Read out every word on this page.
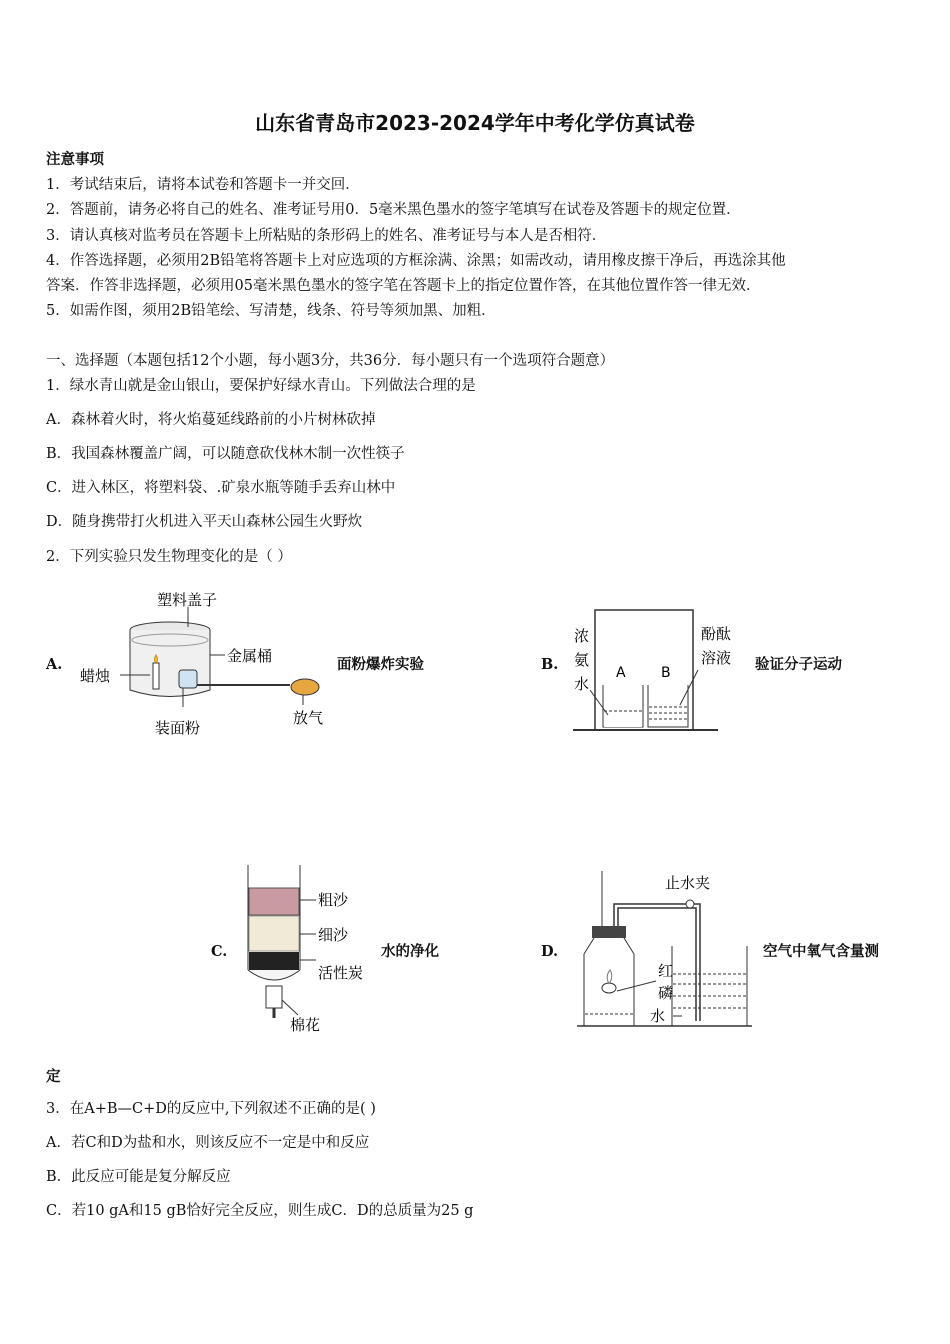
山东省青岛市2023-2024学年中考化学仿真试卷
注意事项
1．考试结束后，请将本试卷和答题卡一并交回．
2．答题前，请务必将自己的姓名、准考证号用0．5毫米黑色墨水的签字笔填写在试卷及答题卡的规定位置．
3．请认真核对监考员在答题卡上所粘贴的条形码上的姓名、准考证号与本人是否相符．
4．作答选择题，必须用2B铅笔将答题卡上对应选项的方框涂满、涂黑；如需改动，请用橡皮擦干净后，再选涂其他
答案．作答非选择题，必须用05毫米黑色墨水的签字笔在答题卡上的指定位置作答，在其他位置作答一律无效．
5．如需作图，须用2B铅笔绘、写清楚，线条、符号等须加黑、加粗．
一、选择题（本题包括12个小题，每小题3分，共36分．每小题只有一个选项符合题意）
1．绿水青山就是金山银山，要保护好绿水青山。下列做法合理的是
A．森林着火时，将火焰蔓延线路前的小片树林砍掉
B．我国森林覆盖广阔，可以随意砍伐林木制一次性筷子
C．进入林区，将塑料袋、.矿泉水瓶等随手丢弃山林中
D．随身携带打火机进入平天山森林公园生火野炊
2．下列实验只发生物理变化的是（ ）
A.
塑料盖子
金属桶
蜡烛
装面粉
放气
面粉爆炸实验	B.
浓
氨
水
酚酞
溶液
A	B	验证分子运动
C.
粗沙
细沙
活性炭
棉花
水的净化	D.
止水夹
红
磷
水
空气中氧气含量测
定
3．在A+B—C+D的反应中,下列叙述不正确的是( )
A．若C和D为盐和水，则该反应不一定是中和反应
B．此反应可能是复分解反应
C．若10 gA和15 gB恰好完全反应，则生成C．D的总质量为25 g
